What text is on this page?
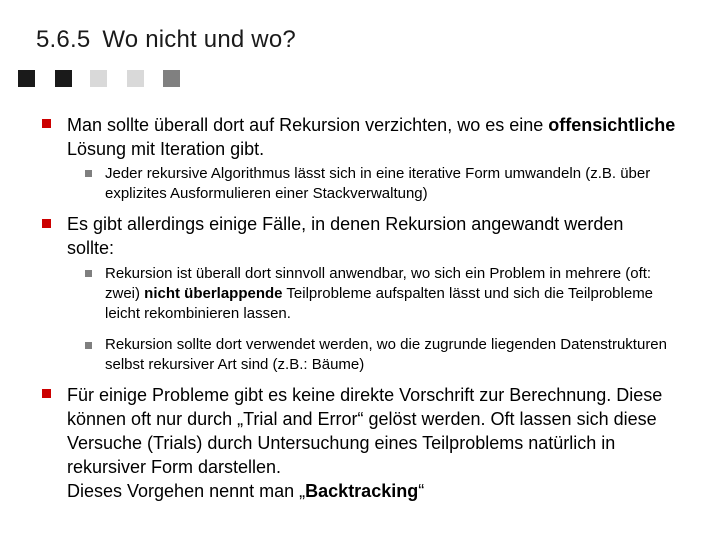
5.6.5 Wo nicht und wo?
Man sollte überall dort auf Rekursion verzichten, wo es eine offensichtliche Lösung mit Iteration gibt.
Jeder rekursive Algorithmus lässt sich in eine iterative Form umwandeln (z.B. über explizites Ausformulieren einer Stackverwaltung)
Es gibt allerdings einige Fälle, in denen Rekursion angewandt werden sollte:
Rekursion ist überall dort sinnvoll anwendbar, wo sich ein Problem in mehrere (oft: zwei) nicht überlappende Teilprobleme aufspalten lässt und sich die Teilprobleme leicht rekombinieren lassen.
Rekursion sollte dort verwendet werden, wo die zugrunde liegenden Datenstrukturen selbst rekursiver Art sind (z.B.: Bäume)
Für einige Probleme gibt es keine direkte Vorschrift zur Berechnung. Diese können oft nur durch „Trial and Error“ gelöst werden. Oft lassen sich diese Versuche (Trials) durch Untersuchung eines Teilproblems natürlich in rekursiver Form darstellen.
Dieses Vorgehen nennt man „Backtracking“
